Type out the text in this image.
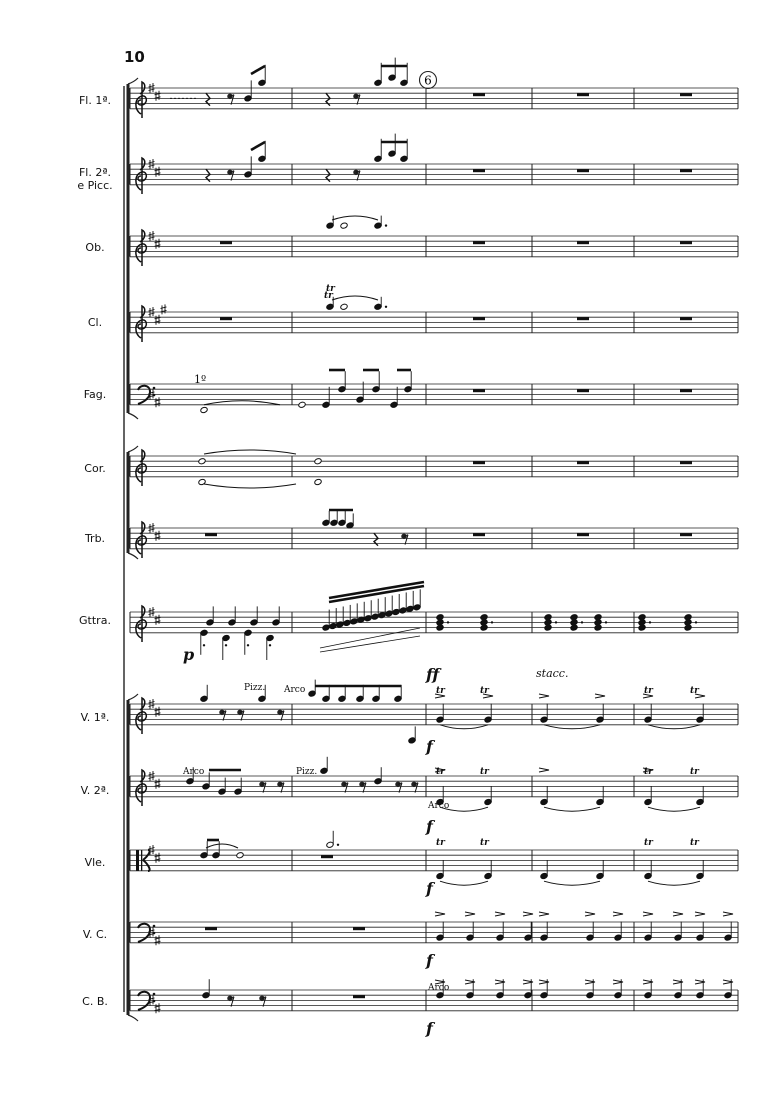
10
Fl. 1ª.
Fl. 2ª.
e Picc.
Ob.
Cl.
Fag.
Cor.
Trb.
Gttra.
V. 1ª.
V. 2ª.
Vle.
V. C.
C. B.
6
1º
Pizz. Arco
Arco	Pizz.
Arco
Arco
stacc.
p
ff
f
f
f
f
f
tr
tr
tr	tr	tr	tr
tr	tr	tr	tr
tr	tr	tr	tr
